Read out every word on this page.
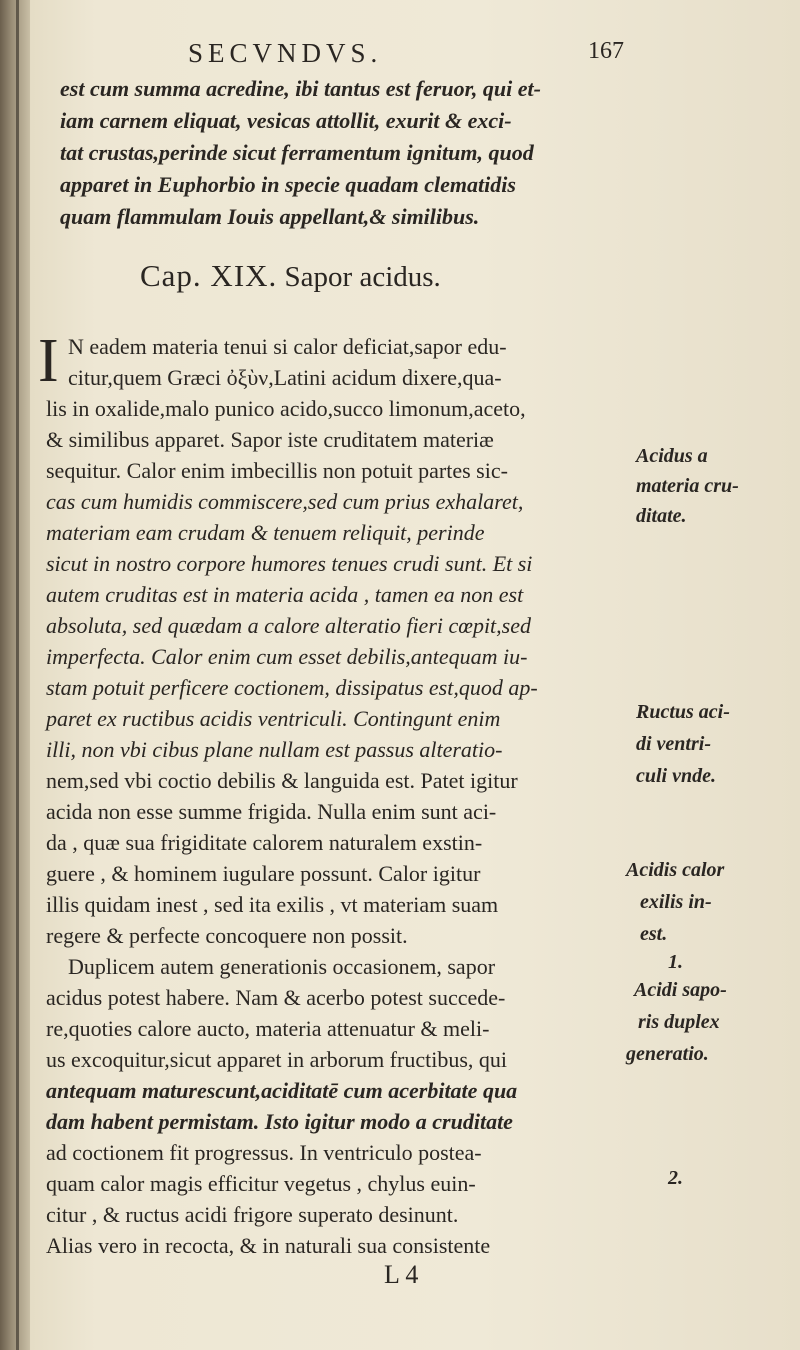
SECVNDVS.	167
est cum summa acredine, ibi tantus est feruor, qui et-
iam carnem eliquat, vesicas attollit, exurit & exci-
tat crustas,perinde sicut ferramentum ignitum, quod
apparet in Euphorbio in specie quadam clematidis
quam flammulam Iouis appellant,& similibus.
Cap. XIX. Sapor acidus.
I N eadem materia tenui si calor deficiat,sapor edu-
citur,quem Græci ὀξὺν,Latini acidum dixere,qua-
lis in oxalide,malo punico acido,succo limonum,aceto,
& similibus apparet. Sapor iste cruditatem materiæ
sequitur. Calor enim imbecillis non potuit partes sic-
cas cum humidis commiscere,sed cum prius exhalaret,
materiam eam crudam & tenuem reliquit, perinde
sicut in nostro corpore humores tenues crudi sunt. Et si
autem cruditas est in materia acida , tamen ea non est
absoluta, sed quædam a calore alteratio fieri cœpit,sed
imperfecta. Calor enim cum esset debilis,antequam iu-
stam potuit perficere coctionem, dissipatus est,quod ap-
paret ex ructibus acidis ventriculi. Contingunt enim
illi, non vbi cibus plane nullam est passus alteratio-
nem,sed vbi coctio debilis & languida est. Patet igitur
acida non esse summe frigida. Nulla enim sunt aci-
da , quæ sua frigiditate calorem naturalem exstin-
guere , & hominem iugulare possunt. Calor igitur
illis quidam inest , sed ita exilis , vt materiam suam
regere & perfecte concoquere non possit.
Duplicem autem generationis occasionem, sapor
acidus potest habere. Nam & acerbo potest succede-
re,quoties calore aucto, materia attenuatur & meli-
us excoquitur,sicut apparet in arborum fructibus, qui
antequam maturescunt,aciditatē cum acerbitate qua
dam habent permistam. Isto igitur modo a cruditate
ad coctionem fit progressus. In ventriculo postea-
quam calor magis efficitur vegetus , chylus euin-
citur , & ructus acidi frigore superato desinunt.
Alias vero in recocta, & in naturali sua consistente
Acidus a
materia cru-
ditate.
Ructus aci-
di ventri-
culi vnde.
Acidis calor
exilis in-
est.
1.
Acidi sapo-
ris duplex
generatio.
2.
L 4
